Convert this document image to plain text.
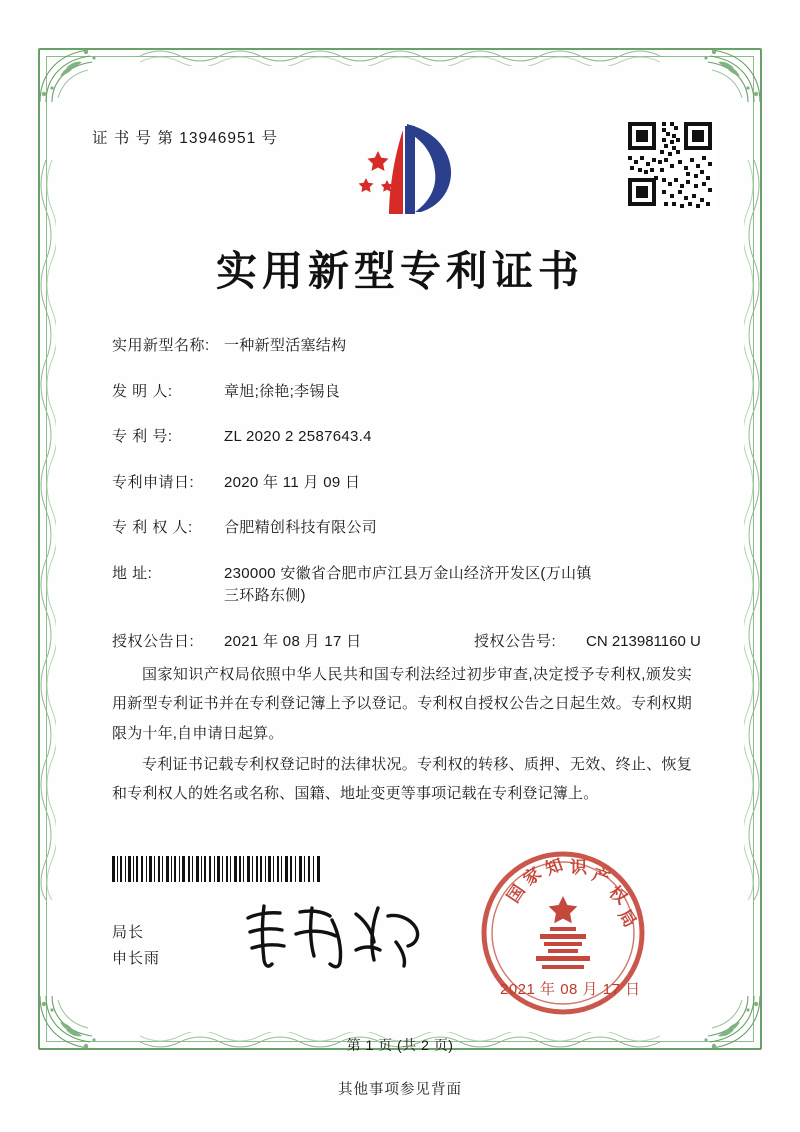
证 书 号 第 13946951 号
实用新型专利证书
实用新型名称: 一种新型活塞结构
发 明 人:	章旭;徐艳;李锡良
专 利 号:	ZL 2020 2 2587643.4
专利申请日:	2020 年 11 月 09 日
专 利 权 人:	合肥精创科技有限公司
地 址:	230000 安徽省合肥市庐江县万金山经济开发区(万山镇
三环路东侧)
授权公告日:	2021 年 08 月 17 日	授权公告号:	CN 213981160 U

国家知识产权局依照中华人民共和国专利法经过初步审查,决定授予专利权,颁发实用新型专利证书并在专利登记簿上予以登记。专利权自授权公告之日起生效。专利权期限为十年,自申请日起算。

专利证书记载专利权登记时的法律状况。专利权的转移、质押、无效、终止、恢复和专利权人的姓名或名称、国籍、地址变更等事项记载在专利登记簿上。

局长
申长雨
国
家
知 识 产
权
局
2021 年 08 月 17 日
第 1 页 (共 2 页)
其他事项参见背面
